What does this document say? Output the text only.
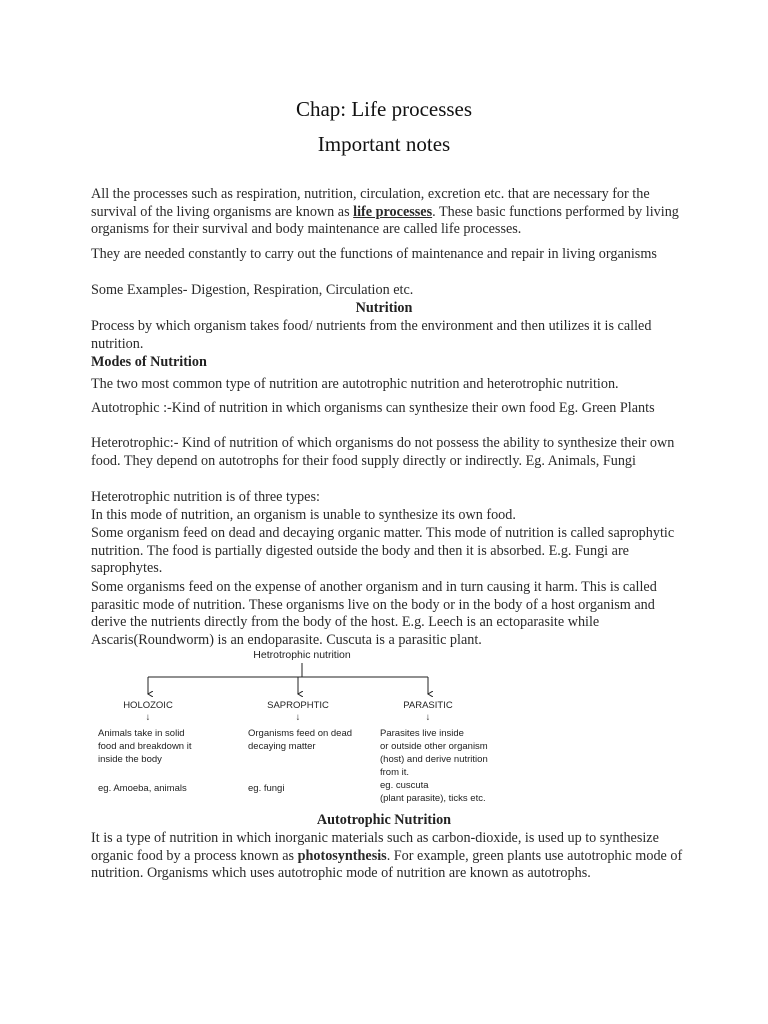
Chap: Life processes
Important notes

All the processes such as respiration, nutrition, circulation, excretion etc. that are necessary for the survival of the living organisms are known as life processes. These basic functions performed by living organisms for their survival and body maintenance are called life processes.

They are needed constantly to carry out the functions of maintenance and repair in living organisms

Some Examples- Digestion, Respiration, Circulation etc.

Nutrition

Process by which organism takes food/ nutrients from the environment and then utilizes it is called nutrition.

Modes of Nutrition

The two most common type of nutrition are autotrophic nutrition and heterotrophic nutrition.

Autotrophic :-Kind of nutrition in which organisms can synthesize their own food Eg. Green Plants

Heterotrophic:- Kind of nutrition of which organisms do not possess the ability to synthesize their own food. They depend on autotrophs for their food supply directly or indirectly. Eg. Animals, Fungi

Heterotrophic nutrition is of three types:

In this mode of nutrition, an organism is unable to synthesize its own food.

Some organism feed on dead and decaying organic matter. This mode of nutrition is called saprophytic nutrition. The food is partially digested outside the body and then it is absorbed. E.g. Fungi are saprophytes.

Some organisms feed on the expense of another organism and in turn causing it harm. This is called parasitic mode of nutrition. These organisms live on the body or in the body of a host organism and derive the nutrients directly from the body of the host. E.g. Leech is an ectoparasite while Ascaris(Roundworm) is an endoparasite. Cuscuta is a parasitic plant.

Hetrotrophic nutrition
HOLOZOIC
↓
Animals take in solid
food and breakdown it
inside the body
eg. Amoeba, animals
SAPROPHTIC
↓
Organisms feed on dead
decaying matter
eg. fungi
PARASITIC
↓
Parasites live inside
or outside other organism
(host) and derive nutrition
from it.
eg. cuscuta
(plant parasite), ticks etc.

Autotrophic Nutrition

It is a type of nutrition in which inorganic materials such as carbon-dioxide, is used up to synthesize organic food by a process known as photosynthesis. For example, green plants use autotrophic mode of nutrition. Organisms which uses autotrophic mode of nutrition are known as autotrophs.
